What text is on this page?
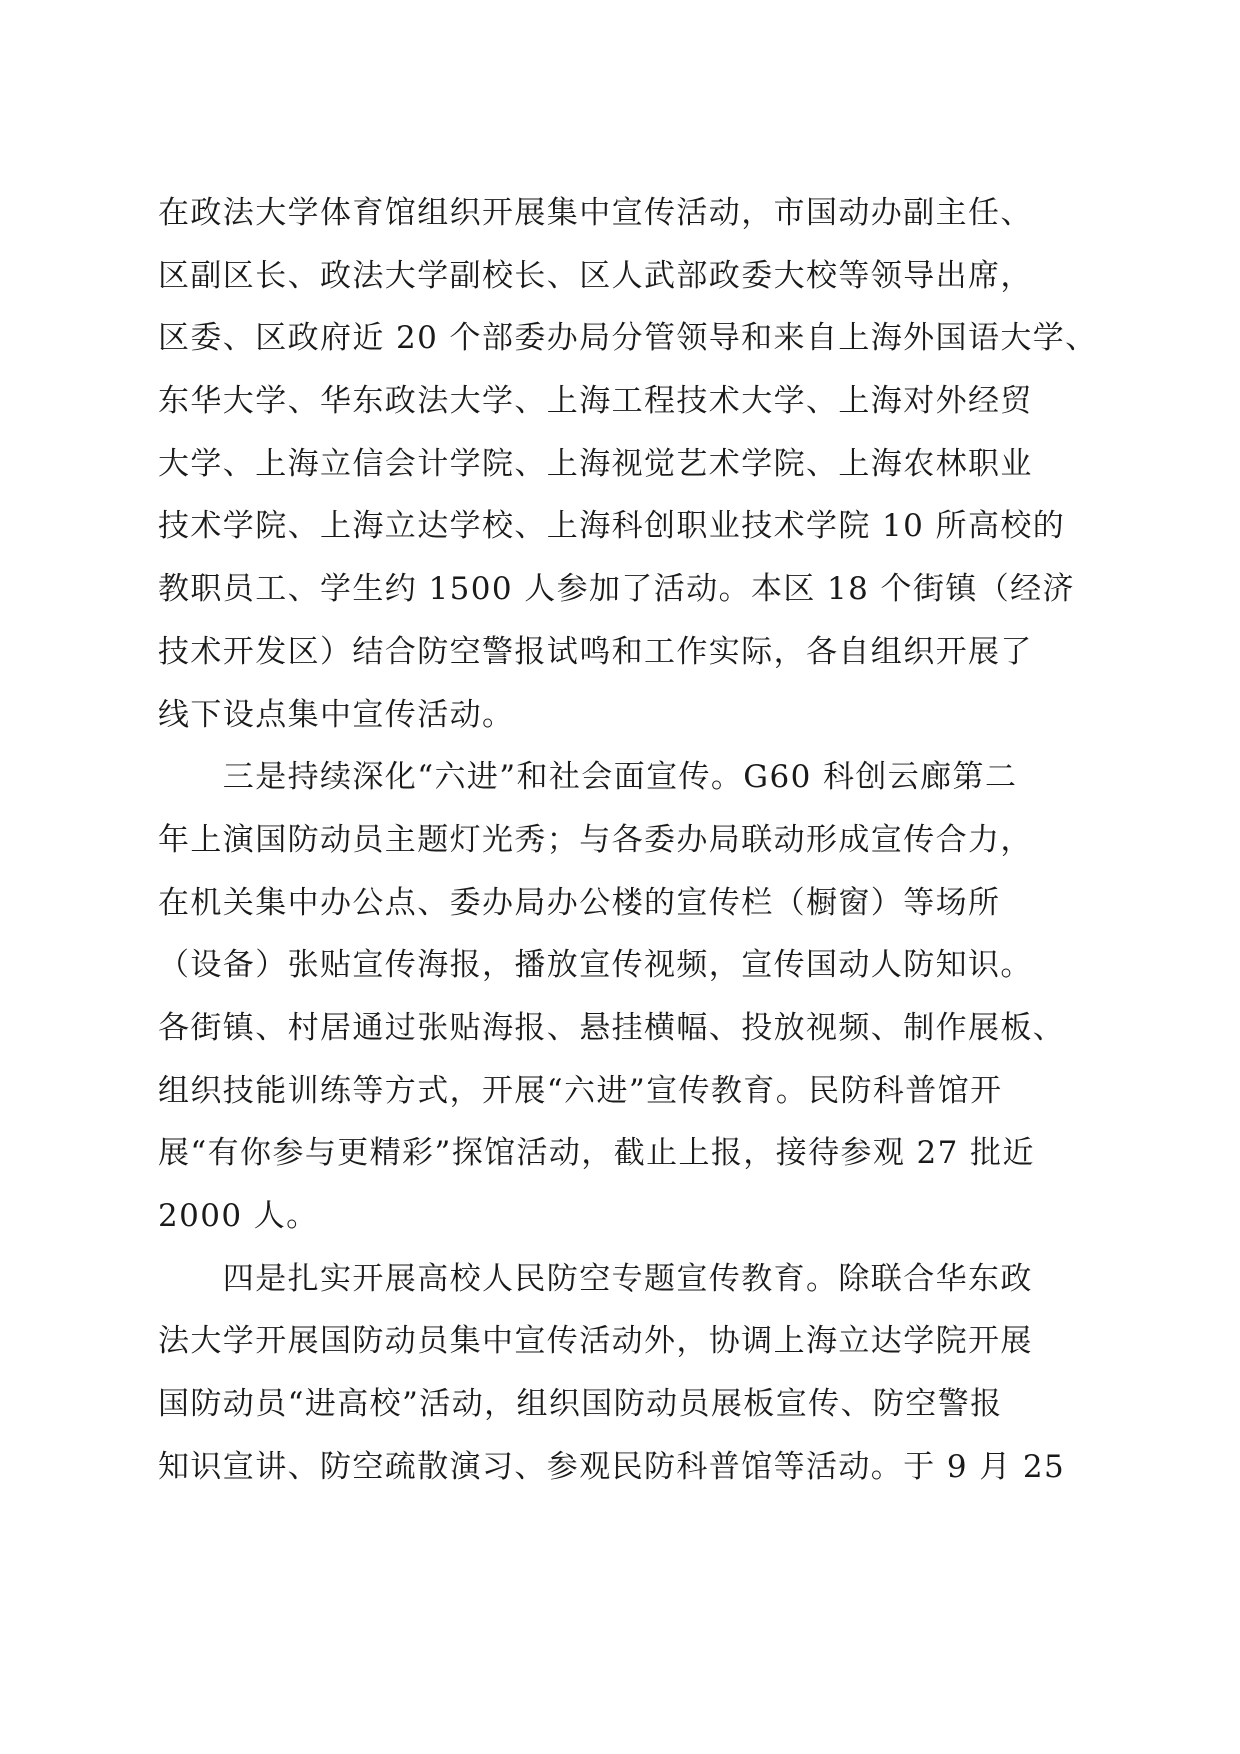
在政法大学体育馆组织开展集中宣传活动，市国动办副主任、
区副区长、政法大学副校长、区人武部政委大校等领导出席，
区委、区政府近 20 个部委办局分管领导和来自上海外国语大学、
东华大学、华东政法大学、上海工程技术大学、上海对外经贸
大学、上海立信会计学院、上海视觉艺术学院、上海农林职业
技术学院、上海立达学校、上海科创职业技术学院 10 所高校的
教职员工、学生约 1500 人参加了活动。本区 18 个街镇（经济
技术开发区）结合防空警报试鸣和工作实际，各自组织开展了
线下设点集中宣传活动。
　　三是持续深化“六进”和社会面宣传。G60 科创云廊第二
年上演国防动员主题灯光秀；与各委办局联动形成宣传合力，
在机关集中办公点、委办局办公楼的宣传栏（橱窗）等场所
（设备）张贴宣传海报，播放宣传视频，宣传国动人防知识。
各街镇、村居通过张贴海报、悬挂横幅、投放视频、制作展板、
组织技能训练等方式，开展“六进”宣传教育。民防科普馆开
展“有你参与更精彩”探馆活动，截止上报，接待参观 27 批近
2000 人。
　　四是扎实开展高校人民防空专题宣传教育。除联合华东政
法大学开展国防动员集中宣传活动外，协调上海立达学院开展
国防动员“进高校”活动，组织国防动员展板宣传、防空警报
知识宣讲、防空疏散演习、参观民防科普馆等活动。于 9 月 25
